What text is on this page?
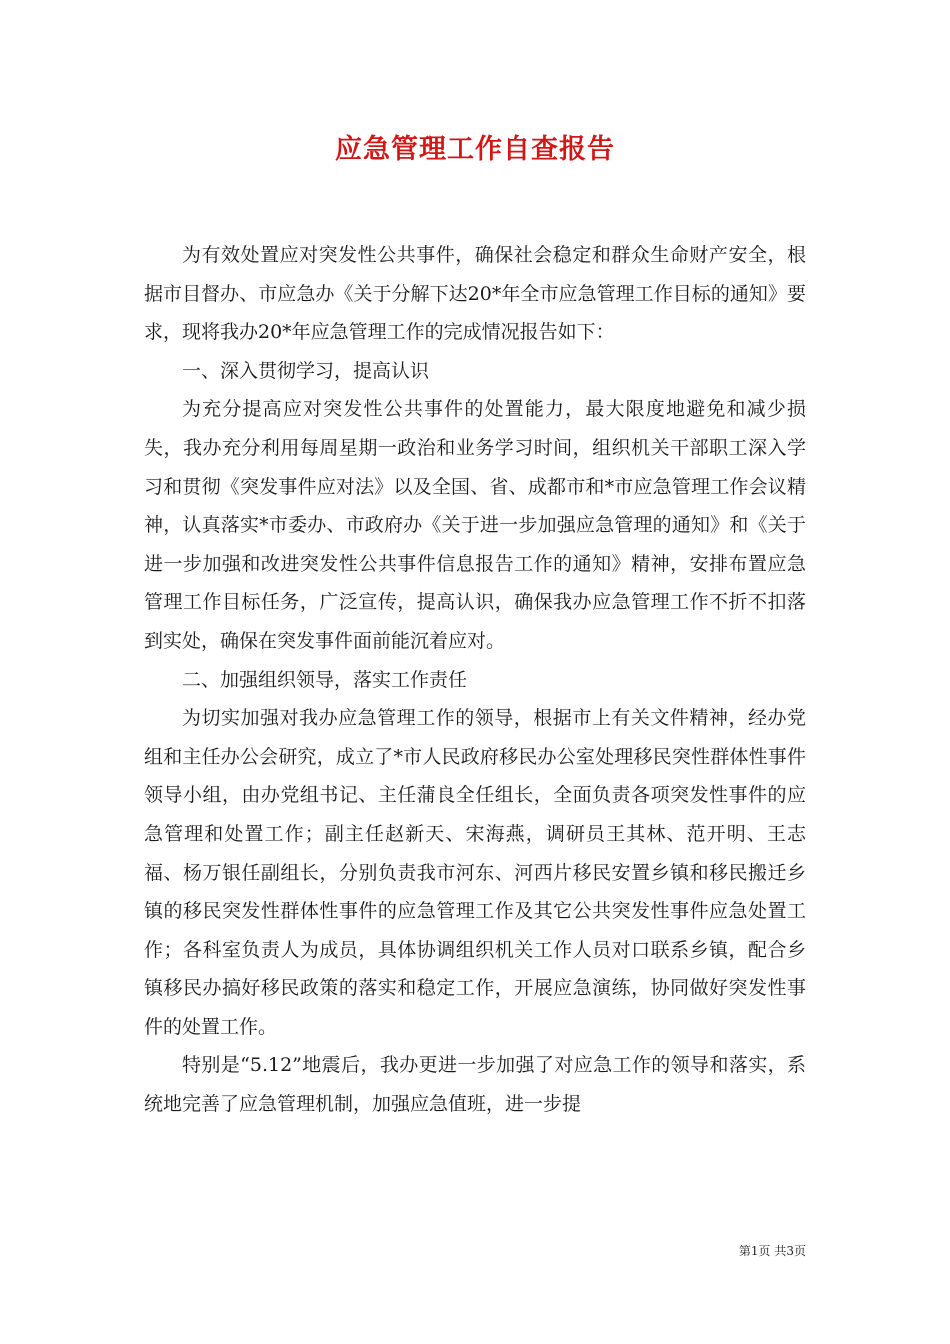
应急管理工作自查报告

为有效处置应对突发性公共事件，确保社会稳定和群众生命财产安全，根据市目督办、市应急办《关于分解下达20*年全市应急管理工作目标的通知》要求，现将我办20*年应急管理工作的完成情况报告如下：

一、深入贯彻学习，提高认识

为充分提高应对突发性公共事件的处置能力，最大限度地避免和减少损失，我办充分利用每周星期一政治和业务学习时间，组织机关干部职工深入学习和贯彻《突发事件应对法》以及全国、省、成都市和*市应急管理工作会议精神，认真落实*市委办、市政府办《关于进一步加强应急管理的通知》和《关于进一步加强和改进突发性公共事件信息报告工作的通知》精神，安排布置应急管理工作目标任务，广泛宣传，提高认识，确保我办应急管理工作不折不扣落到实处，确保在突发事件面前能沉着应对。

二、加强组织领导，落实工作责任

为切实加强对我办应急管理工作的领导，根据市上有关文件精神，经办党组和主任办公会研究，成立了*市人民政府移民办公室处理移民突性群体性事件领导小组，由办党组书记、主任蒲良全任组长，全面负责各项突发性事件的应急管理和处置工作；副主任赵新天、宋海燕，调研员王其林、范开明、王志福、杨万银任副组长，分别负责我市河东、河西片移民安置乡镇和移民搬迁乡镇的移民突发性群体性事件的应急管理工作及其它公共突发性事件应急处置工作；各科室负责人为成员，具体协调组织机关工作人员对口联系乡镇，配合乡镇移民办搞好移民政策的落实和稳定工作，开展应急演练，协同做好突发性事件的处置工作。

特别是“5.12”地震后，我办更进一步加强了对应急工作的领导和落实，系统地完善了应急管理机制，加强应急值班，进一步提

第1页 共3页
